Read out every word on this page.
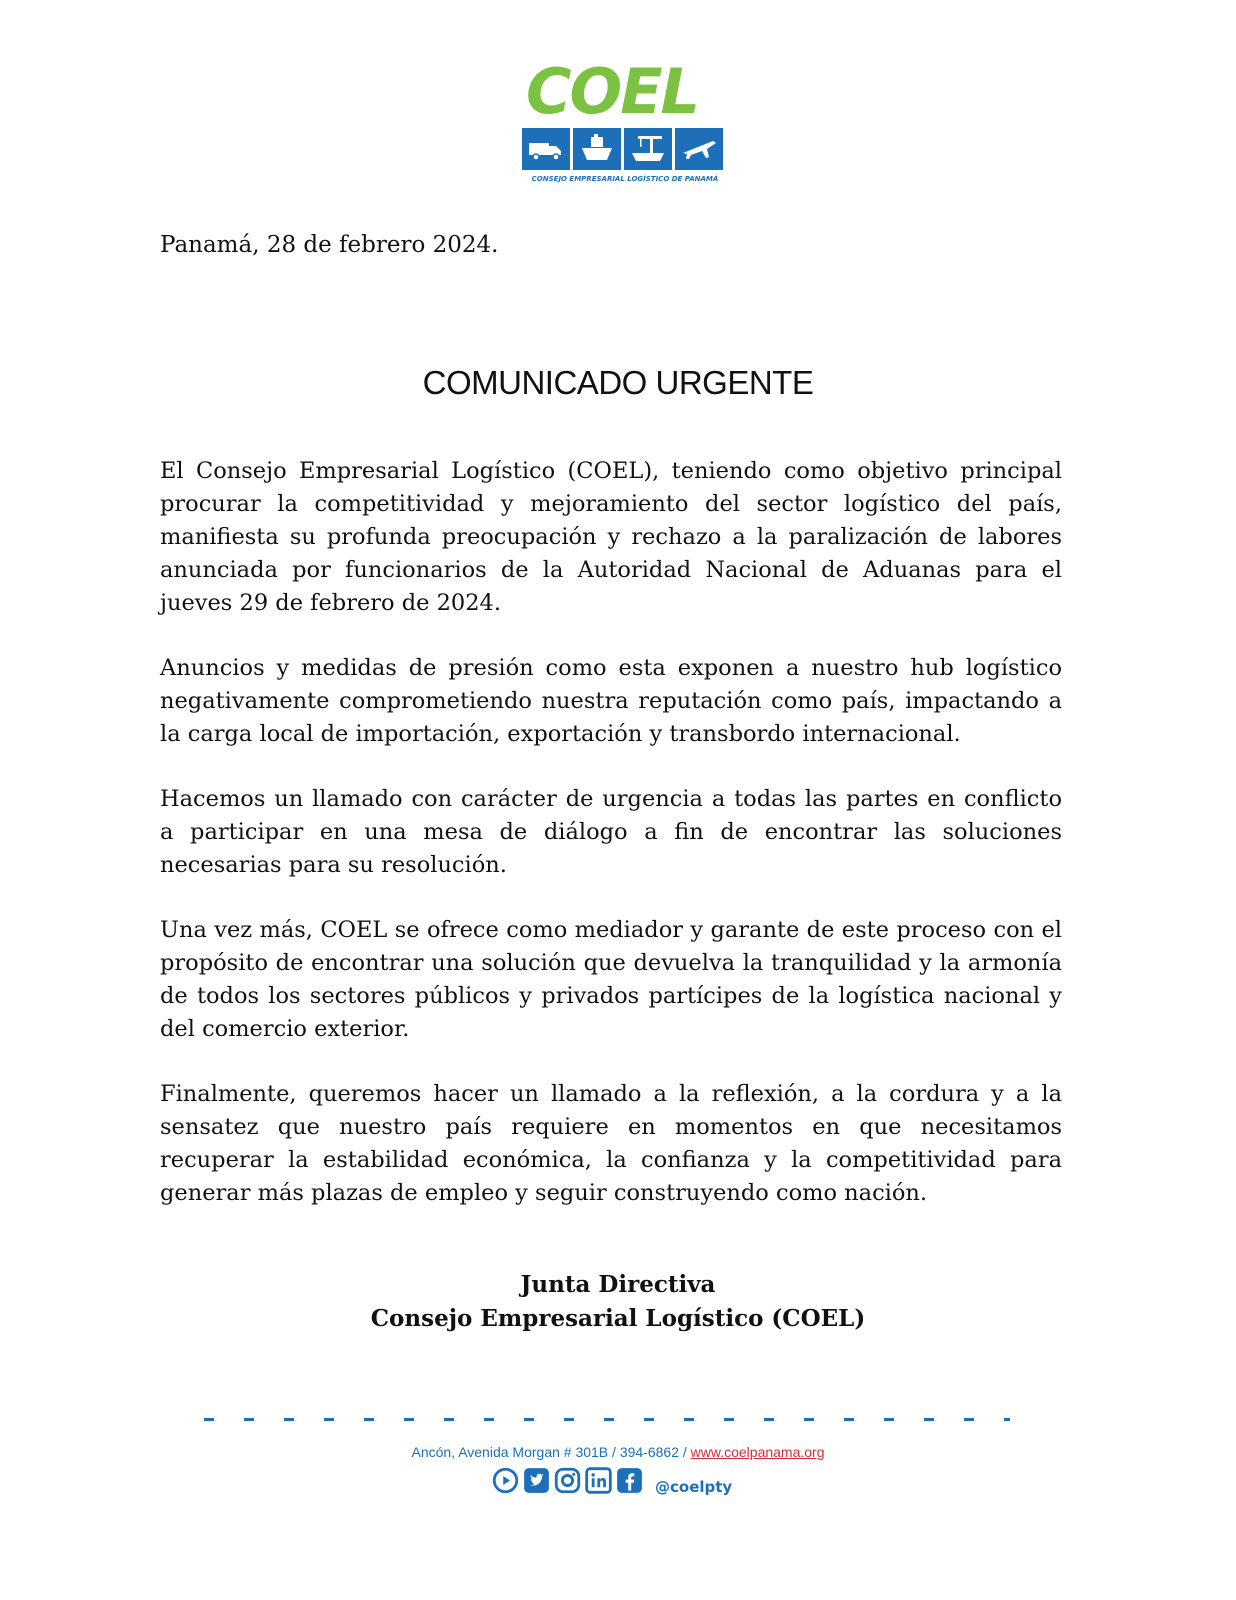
COEL
CONSEJO EMPRESARIAL LOGÍSTICO DE PANAMÁ
Panamá, 28 de febrero 2024.
COMUNICADO URGENTE

El Consejo Empresarial Logístico (COEL), teniendo como objetivo principal procurar la competitividad y mejoramiento del sector logístico del país, manifiesta su profunda preocupación y rechazo a la paralización de labores anunciada por funcionarios de la Autoridad Nacional de Aduanas para el jueves 29 de febrero de 2024.

Anuncios y medidas de presión como esta exponen a nuestro hub logístico negativamente comprometiendo nuestra reputación como país, impactando a la carga local de importación, exportación y transbordo internacional.

Hacemos un llamado con carácter de urgencia a todas las partes en conflicto a participar en una mesa de diálogo a fin de encontrar las soluciones necesarias para su resolución.

Una vez más, COEL se ofrece como mediador y garante de este proceso con el propósito de encontrar una solución que devuelva la tranquilidad y la armonía de todos los sectores públicos y privados partícipes de la logística nacional y del comercio exterior.

Finalmente, queremos hacer un llamado a la reflexión, a la cordura y a la sensatez que nuestro país requiere en momentos en que necesitamos recuperar la estabilidad económica, la confianza y la competitividad para generar más plazas de empleo y seguir construyendo como nación.

Junta Directiva
Consejo Empresarial Logístico (COEL)
Ancón, Avenida Morgan # 301B / 394-6862 / www.coelpanama.org
@coelpty
